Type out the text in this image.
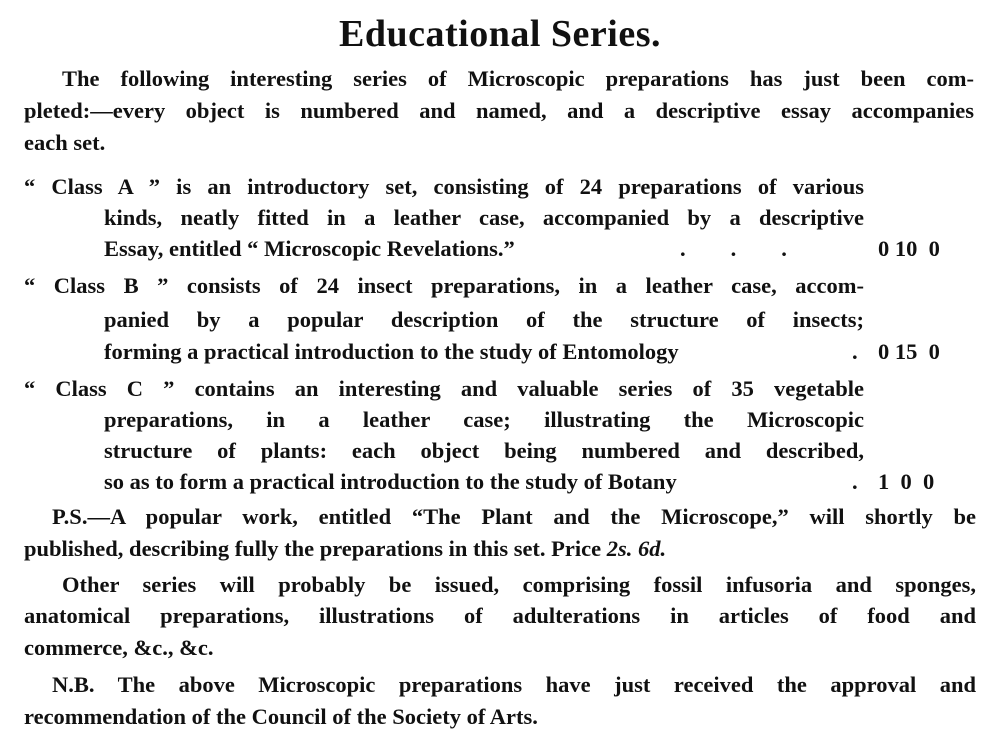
Educational Series.
The following interesting series of Microscopic preparations has just been com-
pleted:—every object is numbered and named, and a descriptive essay accompanies
each set.
“ Class A ” is an introductory set, consisting of 24 preparations of various
kinds, neatly fitted in a leather case, accompanied by a descriptive
Essay, entitled “ Microscopic Revelations.”	.        .        .	0 10  0
“ Class B ” consists of 24 insect preparations, in a leather case, accom-
panied by a popular description of the structure of insects;
forming a practical introduction to the study of Entomology	. 0 15  0
“ Class C ” contains an interesting and valuable series of 35 vegetable
preparations, in a leather case; illustrating the Microscopic
structure of plants: each object being numbered and described,
so as to form a practical introduction to the study of Botany	. 1  0  0
P.S.—A popular work, entitled “The Plant and the Microscope,” will shortly be
published, describing fully the preparations in this set. Price 2s. 6d.
Other series will probably be issued, comprising fossil infusoria and sponges,
anatomical preparations, illustrations of adulterations in articles of food and
commerce, &c., &c.
N.B. The above Microscopic preparations have just received the approval and
recommendation of the Council of the Society of Arts.
